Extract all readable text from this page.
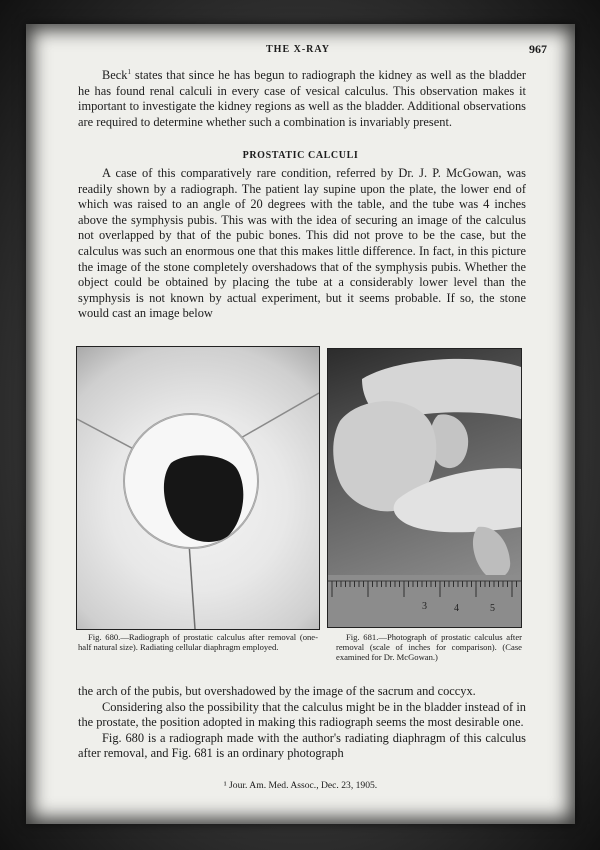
THE X-RAY	967

Beck$^1$ states that since he has begun to radiograph the kidney as well as the bladder he has found renal calculi in every case of vesical calculus. This observation makes it important to investigate the kidney regions as well as the bladder. Additional observations are required to determine whether such a combination is invariably present.

PROSTATIC CALCULI

A case of this comparatively rare condition, referred by Dr. J. P. McGowan, was readily shown by a radiograph. The patient lay supine upon the plate, the lower end of which was raised to an angle of 20 degrees with the table, and the tube was 4 inches above the symphysis pubis. This was with the idea of securing an image of the calculus not overlapped by that of the pubic bones. This did not prove to be the case, but the calculus was such an enormous one that this makes little difference. In fact, in this picture the image of the stone completely overshadows that of the symphysis pubis. Whether the object could be obtained by placing the tube at a considerably lower level than the symphysis is not known by actual experiment, but it seems probable. If so, the stone would cast an image below

3	4	5

Fig. 680.—Radiograph of prostatic calculus after removal (one-half natural size). Radiating cellular diaphragm employed.

Fig. 681.—Photograph of prostatic calculus after removal (scale of inches for comparison). (Case examined for Dr. McGowan.)

the arch of the pubis, but overshadowed by the image of the sacrum and coccyx.

Considering also the possibility that the calculus might be in the bladder instead of in the prostate, the position adopted in making this radiograph seems the most desirable one.

Fig. 680 is a radiograph made with the author's radiating diaphragm of this calculus after removal, and Fig. 681 is an ordinary photograph

¹ Jour. Am. Med. Assoc., Dec. 23, 1905.
